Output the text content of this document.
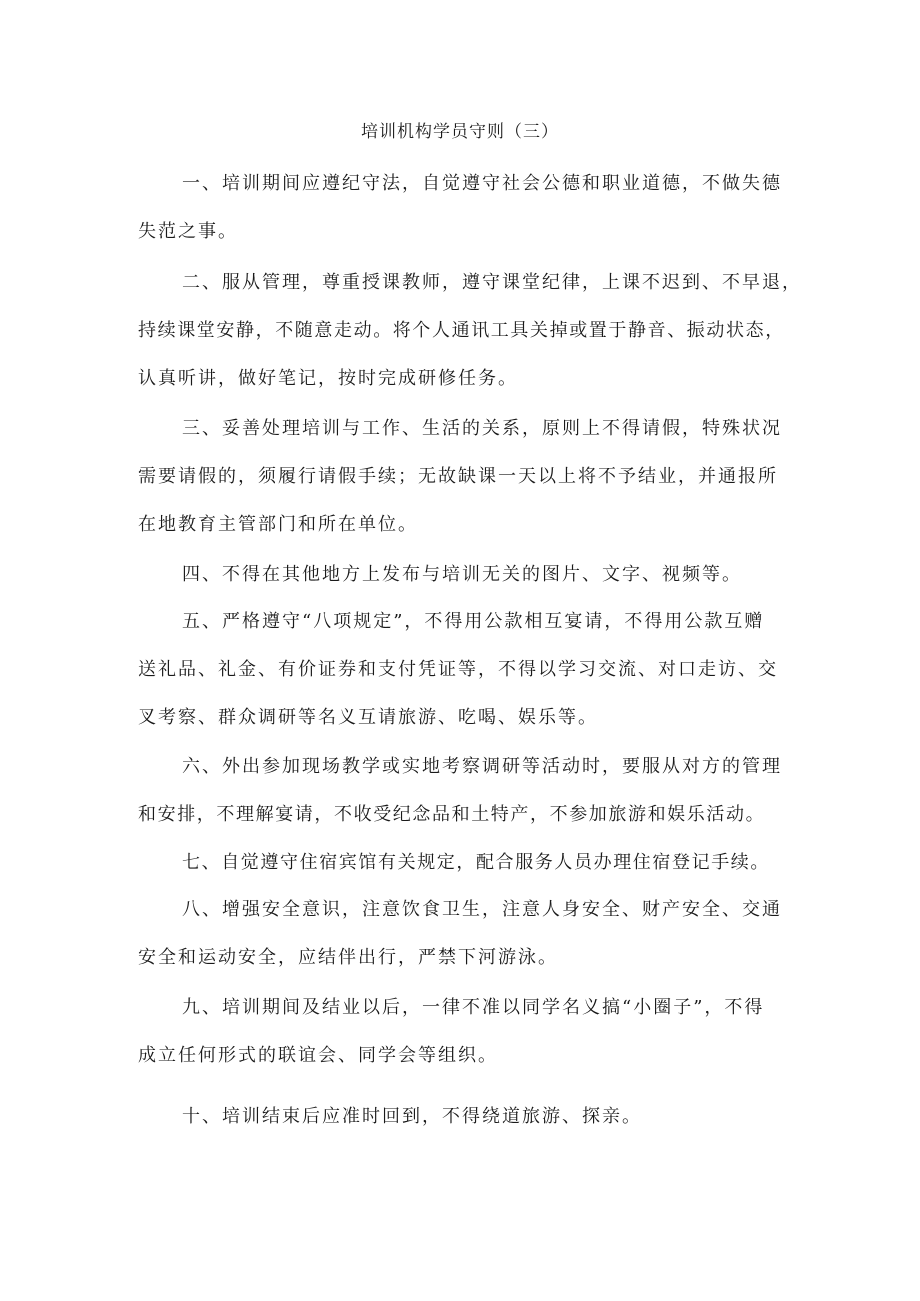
培训机构学员守则（三）
一、培训期间应遵纪守法，自觉遵守社会公德和职业道德，不做失德
失范之事。
二、服从管理，尊重授课教师，遵守课堂纪律，上课不迟到、不早退，
持续课堂安静，不随意走动。将个人通讯工具关掉或置于静音、振动状态，
认真听讲，做好笔记，按时完成研修任务。
三、妥善处理培训与工作、生活的关系，原则上不得请假，特殊状况
需要请假的，须履行请假手续；无故缺课一天以上将不予结业，并通报所
在地教育主管部门和所在单位。
四、不得在其他地方上发布与培训无关的图片、文字、视频等。
五、严格遵守“八项规定”，不得用公款相互宴请，不得用公款互赠
送礼品、礼金、有价证券和支付凭证等，不得以学习交流、对口走访、交
叉考察、群众调研等名义互请旅游、吃喝、娱乐等。
六、外出参加现场教学或实地考察调研等活动时，要服从对方的管理
和安排，不理解宴请，不收受纪念品和土特产，不参加旅游和娱乐活动。
七、自觉遵守住宿宾馆有关规定，配合服务人员办理住宿登记手续。
八、增强安全意识，注意饮食卫生，注意人身安全、财产安全、交通
安全和运动安全，应结伴出行，严禁下河游泳。
九、培训期间及结业以后，一律不准以同学名义搞“小圈子”，不得
成立任何形式的联谊会、同学会等组织。
十、培训结束后应准时回到，不得绕道旅游、探亲。
